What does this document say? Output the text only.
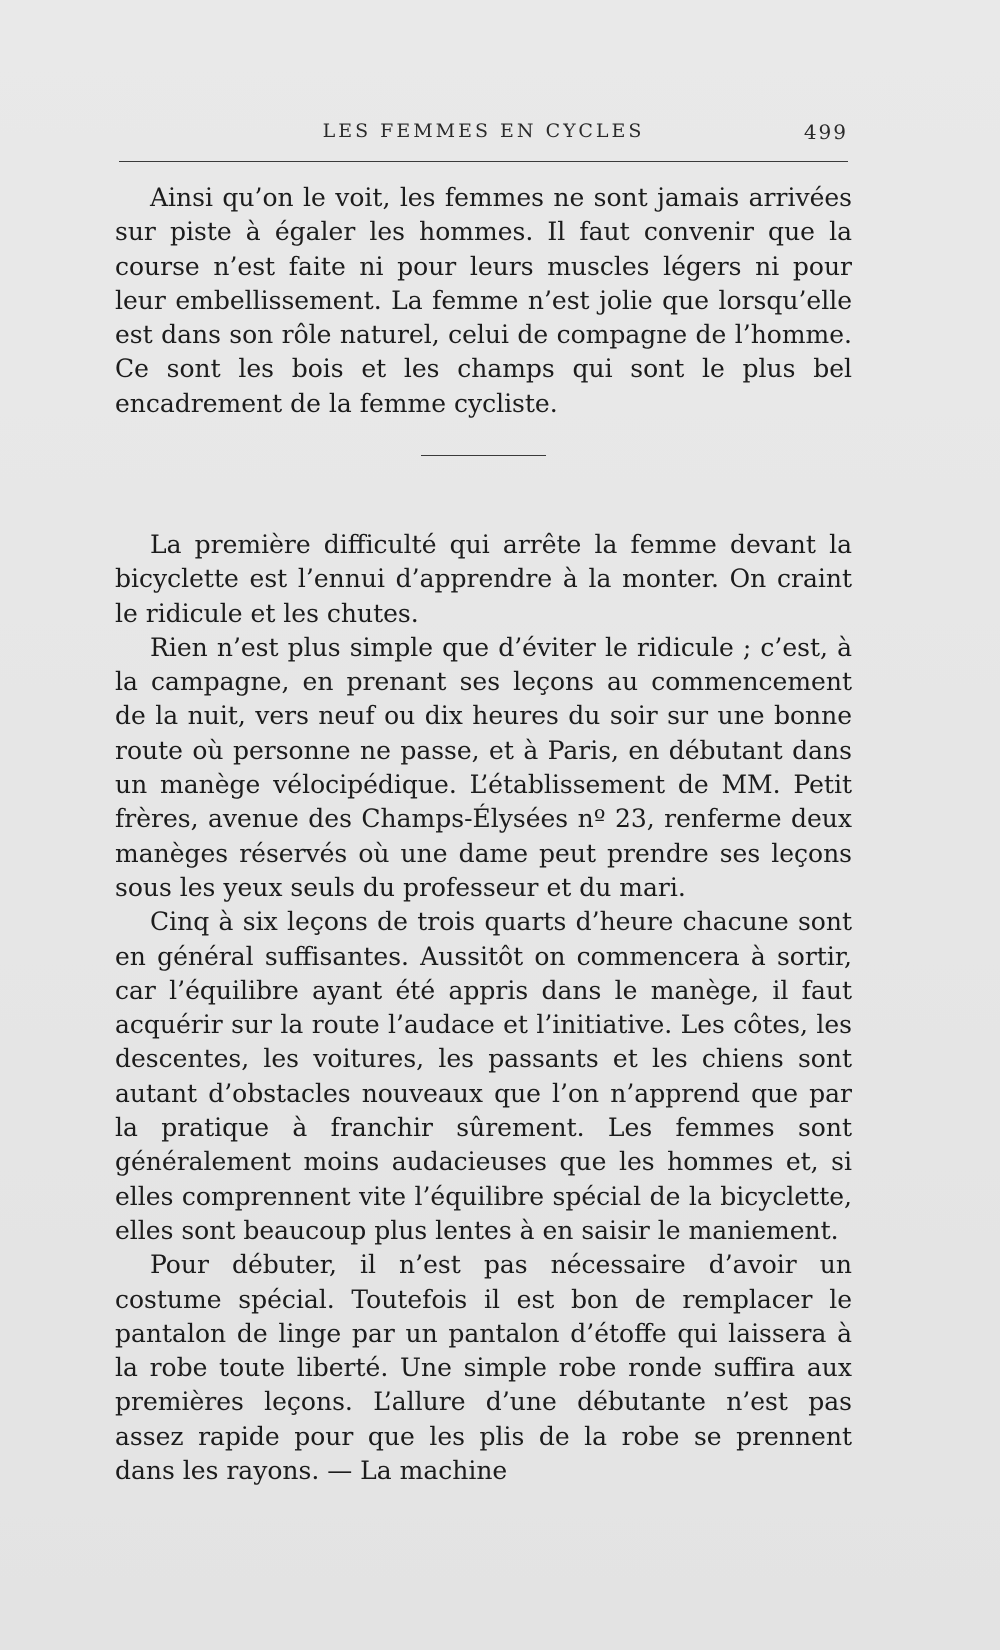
LES FEMMES EN CYCLES	499

Ainsi qu’on le voit, les femmes ne sont jamais arrivées sur piste à égaler les hommes. Il faut convenir que la course n’est faite ni pour leurs muscles légers ni pour leur embellissement. La femme n’est jolie que lorsqu’elle est dans son rôle naturel, celui de compagne de l’homme. Ce sont les bois et les champs qui sont le plus bel encadrement de la femme cycliste.

La première difficulté qui arrête la femme devant la bicyclette est l’ennui d’apprendre à la monter. On craint le ridicule et les chutes.

Rien n’est plus simple que d’éviter le ridicule ; c’est, à la campagne, en prenant ses leçons au commencement de la nuit, vers neuf ou dix heures du soir sur une bonne route où personne ne passe, et à Paris, en débutant dans un manège vélocipédique. L’établissement de MM. Petit frères, avenue des Champs-Élysées nº 23, renferme deux manèges réservés où une dame peut prendre ses leçons sous les yeux seuls du professeur et du mari.

Cinq à six leçons de trois quarts d’heure chacune sont en général suffisantes. Aussitôt on commencera à sortir, car l’équilibre ayant été appris dans le manège, il faut acquérir sur la route l’audace et l’initiative. Les côtes, les descentes, les voitures, les passants et les chiens sont autant d’obstacles nouveaux que l’on n’apprend que par la pratique à franchir sûrement. Les femmes sont généralement moins audacieuses que les hommes et, si elles comprennent vite l’équilibre spécial de la bicyclette, elles sont beaucoup plus lentes à en saisir le maniement.

Pour débuter, il n’est pas nécessaire d’avoir un costume spécial. Toutefois il est bon de remplacer le pantalon de linge par un pantalon d’étoffe qui laissera à la robe toute liberté. Une simple robe ronde suffira aux premières leçons. L’allure d’une débutante n’est pas assez rapide pour que les plis de la robe se prennent dans les rayons. — La machine
